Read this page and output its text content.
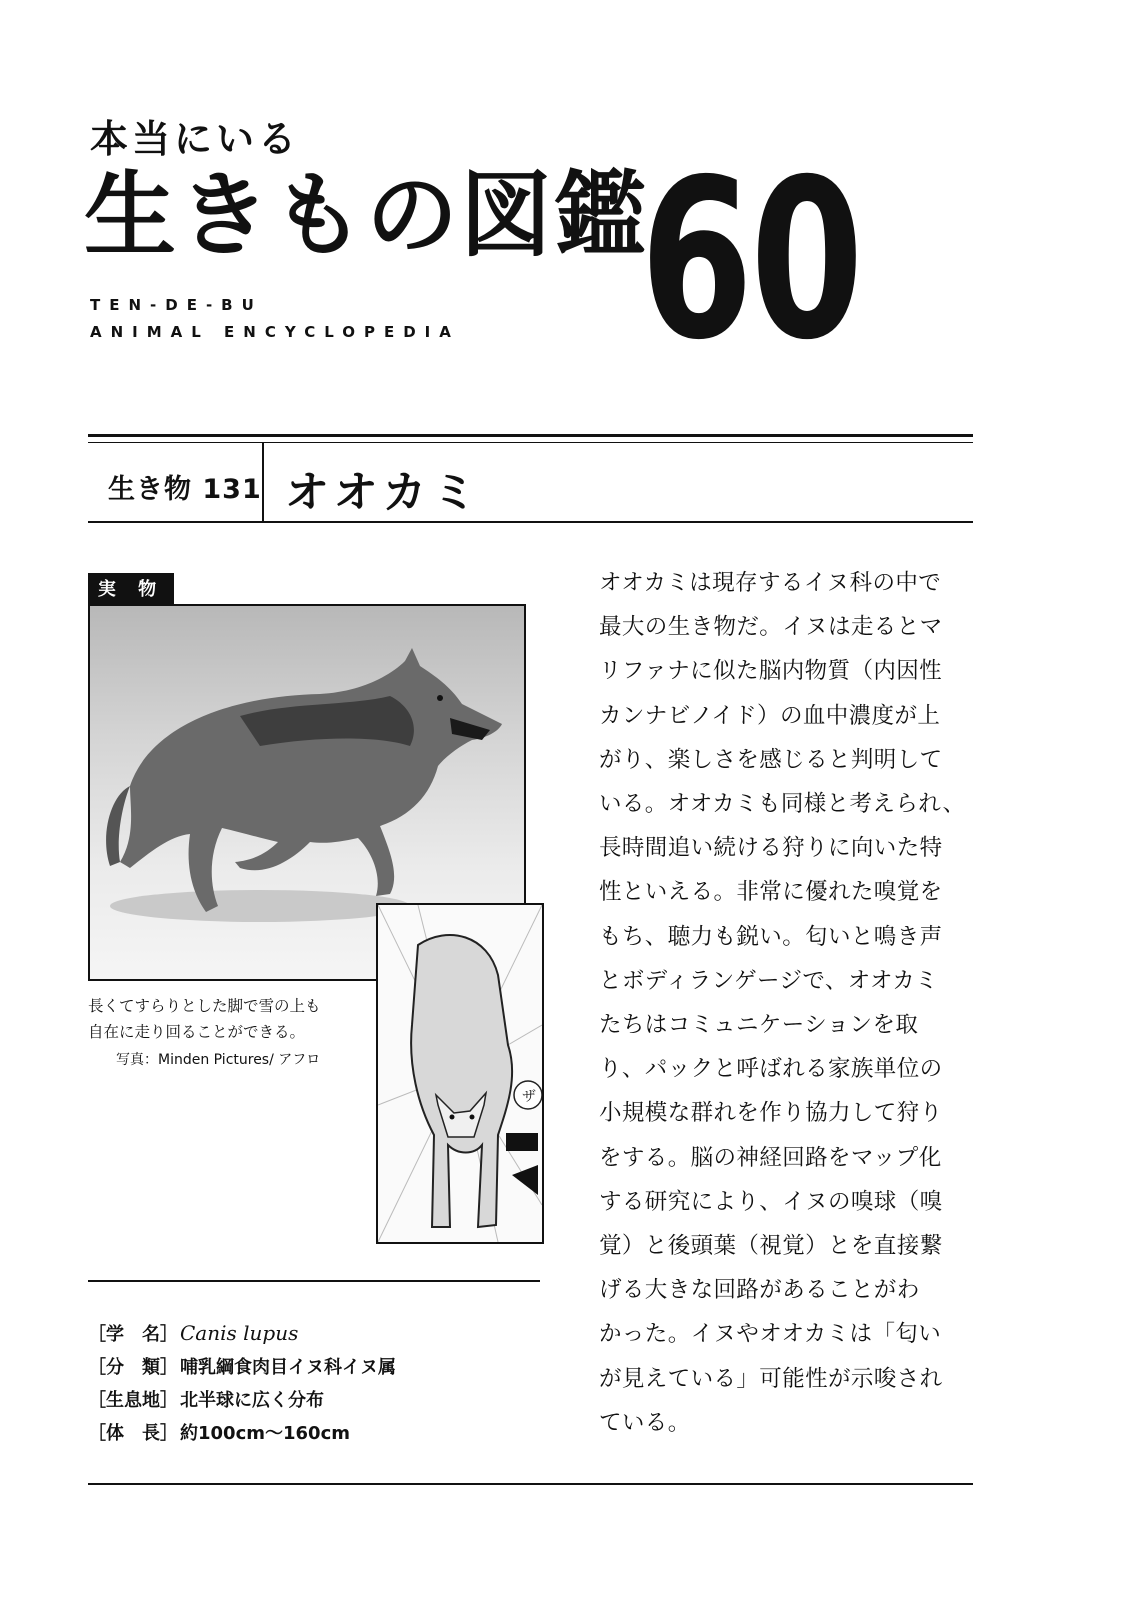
本当にいる
生きもの図鑑
60
TEN-DE-BU
ANIMAL ENCYCLOPEDIA
生き物 131 オオカミ
実 物
ザ
長くてすらりとした脚で雪の上も
自在に走り回ることができる。
写真：Minden Pictures/ アフロ
［学　名］ Canis lupus
［分　類］ 哺乳綱食肉目イヌ科イヌ属
［生息地］ 北半球に広く分布
［体　長］ 約100cm〜160cm
オオカミは現存するイヌ科の中で
最大の生き物だ。イヌは走るとマ
リファナに似た脳内物質（内因性
カンナビノイド）の血中濃度が上
がり、楽しさを感じると判明して
いる。オオカミも同様と考えられ、
長時間追い続ける狩りに向いた特
性といえる。非常に優れた嗅覚を
もち、聴力も鋭い。匂いと鳴き声
とボディランゲージで、オオカミ
たちはコミュニケーションを取
り、パックと呼ばれる家族単位の
小規模な群れを作り協力して狩り
をする。脳の神経回路をマップ化
する研究により、イヌの嗅球（嗅
覚）と後頭葉（視覚）とを直接繋
げる大きな回路があることがわ
かった。イヌやオオカミは「匂い
が見えている」可能性が示唆され
ている。
